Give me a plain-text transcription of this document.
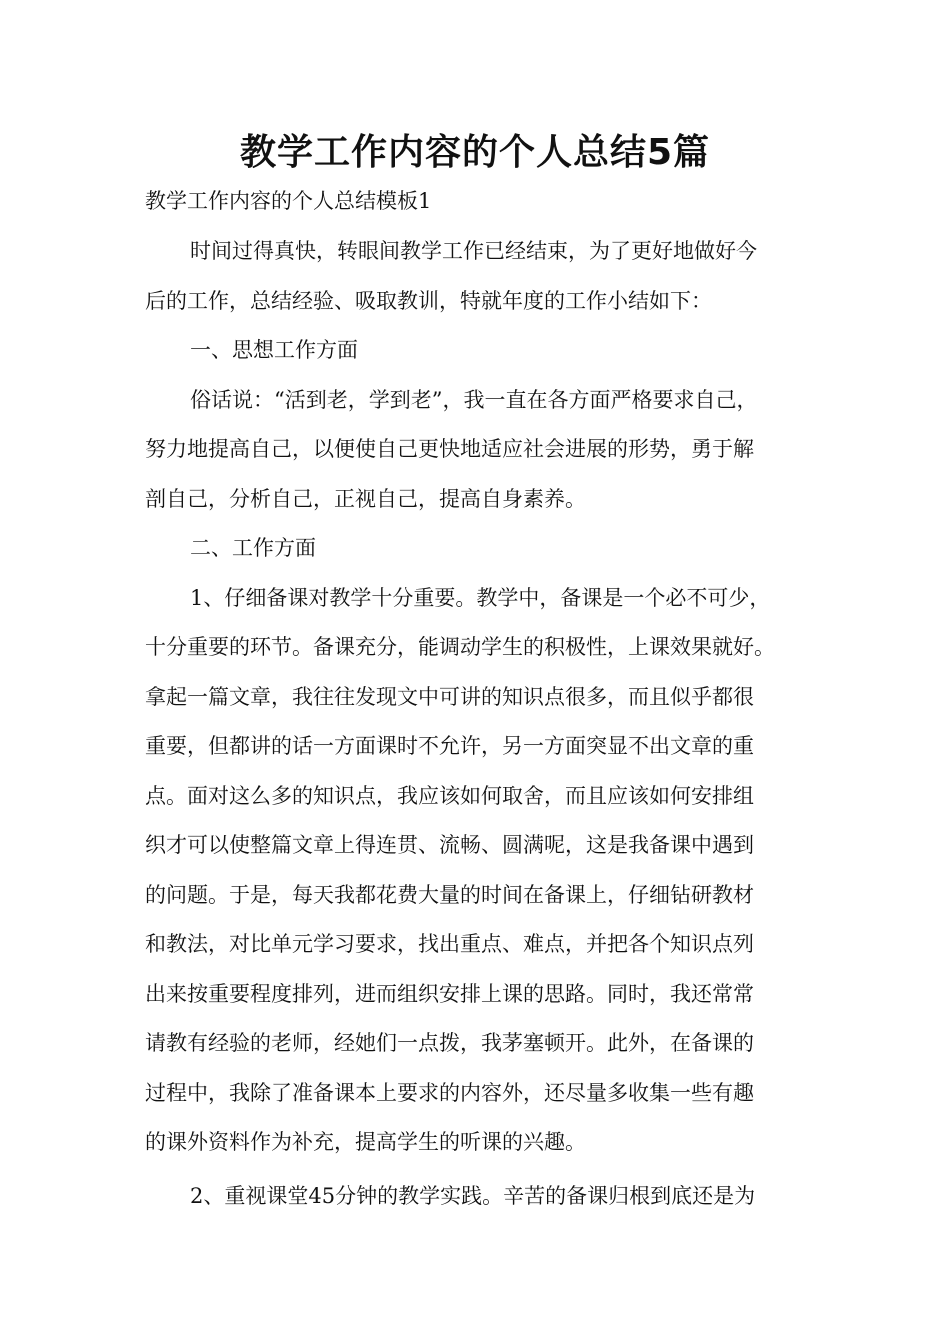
教学工作内容的个人总结5篇

教学工作内容的个人总结模板1

时间过得真快，转眼间教学工作已经结束，为了更好地做好今

后的工作，总结经验、吸取教训，特就年度的工作小结如下：

一、思想工作方面

俗话说：“活到老，学到老”，我一直在各方面严格要求自己，

努力地提高自己，以便使自己更快地适应社会进展的形势，勇于解

剖自己，分析自己，正视自己，提高自身素养。

二、工作方面

1、仔细备课对教学十分重要。教学中，备课是一个必不可少，

十分重要的环节。备课充分，能调动学生的积极性，上课效果就好。

拿起一篇文章，我往往发现文中可讲的知识点很多，而且似乎都很

重要，但都讲的话一方面课时不允许，另一方面突显不出文章的重

点。面对这么多的知识点，我应该如何取舍，而且应该如何安排组

织才可以使整篇文章上得连贯、流畅、圆满呢，这是我备课中遇到

的问题。于是，每天我都花费大量的时间在备课上，仔细钻研教材

和教法，对比单元学习要求，找出重点、难点，并把各个知识点列

出来按重要程度排列，进而组织安排上课的思路。同时，我还常常

请教有经验的老师，经她们一点拨，我茅塞顿开。此外，在备课的

过程中，我除了准备课本上要求的内容外，还尽量多收集一些有趣

的课外资料作为补充，提高学生的听课的兴趣。

2、重视课堂45分钟的教学实践。辛苦的备课归根到底还是为
